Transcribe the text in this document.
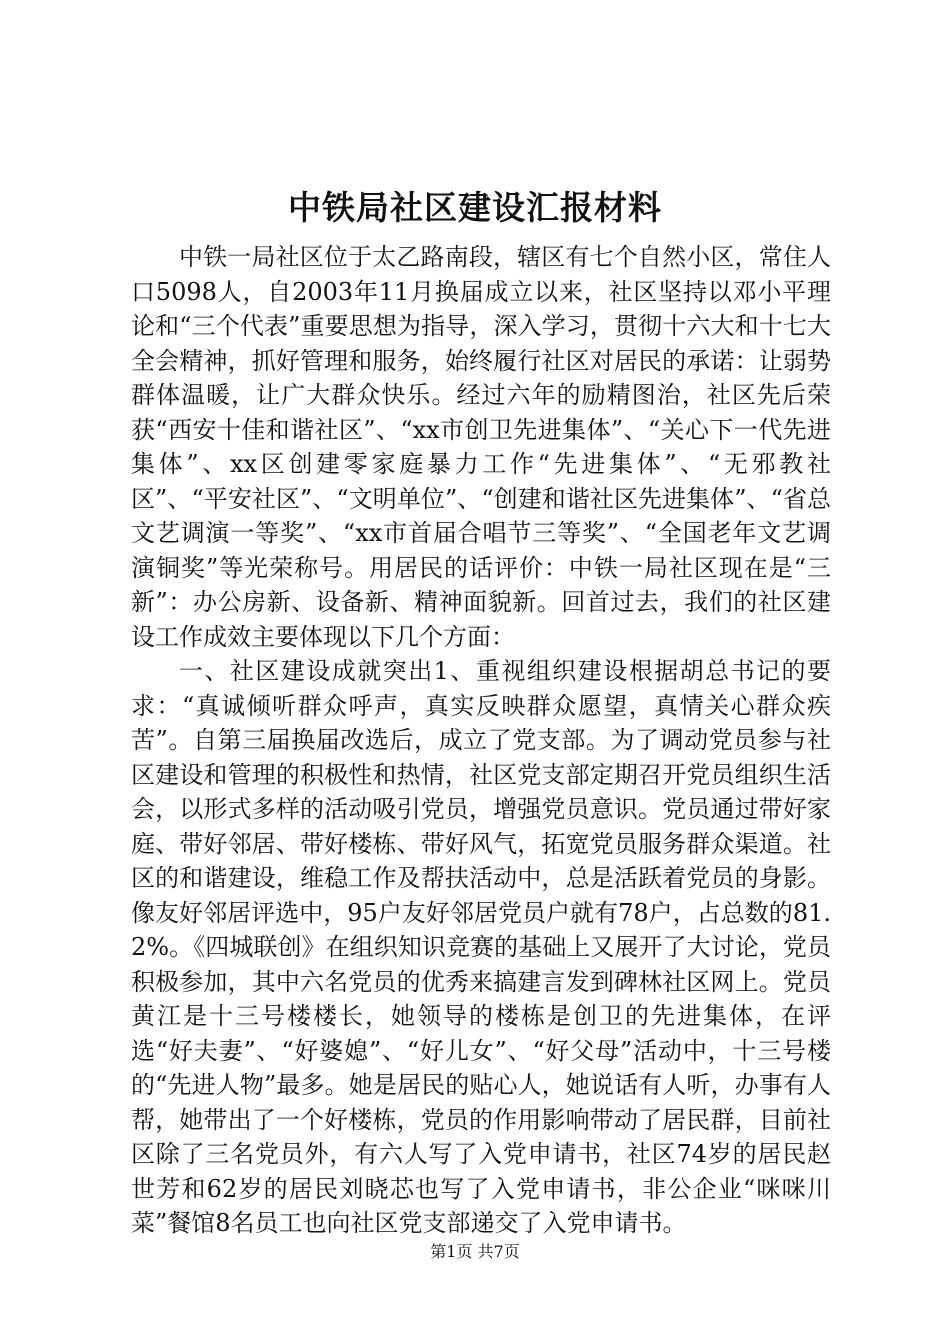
中铁局社区建设汇报材料

中铁一局社区位于太乙路南段，辖区有七个自然小区，常住人口5098人，自2003年11月换届成立以来，社区坚持以邓小平理论和“三个代表”重要思想为指导，深入学习，贯彻十六大和十七大全会精神，抓好管理和服务，始终履行社区对居民的承诺：让弱势群体温暖，让广大群众快乐。经过六年的励精图治，社区先后荣获“西安十佳和谐社区”、“xx市创卫先进集体”、“关心下一代先进集体”、xx区创建零家庭暴力工作“先进集体”、“无邪教社区”、“平安社区”、“文明单位”、“创建和谐社区先进集体”、“省总文艺调演一等奖”、“xx市首届合唱节三等奖”、“全国老年文艺调演铜奖”等光荣称号。用居民的话评价：中铁一局社区现在是“三新”：办公房新、设备新、精神面貌新。回首过去，我们的社区建设工作成效主要体现以下几个方面：

一、社区建设成就突出1、重视组织建设根据胡总书记的要求：“真诚倾听群众呼声，真实反映群众愿望，真情关心群众疾苦”。自第三届换届改选后，成立了党支部。为了调动党员参与社区建设和管理的积极性和热情，社区党支部定期召开党员组织生活会，以形式多样的活动吸引党员，增强党员意识。党员通过带好家庭、带好邻居、带好楼栋、带好风气，拓宽党员服务群众渠道。社区的和谐建设，维稳工作及帮扶活动中，总是活跃着党员的身影。像友好邻居评选中，95户友好邻居党员户就有78户，占总数的81.2%。《四城联创》在组织知识竞赛的基础上又展开了大讨论，党员积极参加，其中六名党员的优秀来搞建言发到碑林社区网上。党员黄江是十三号楼楼长，她领导的楼栋是创卫的先进集体，在评选“好夫妻”、“好婆媳”、“好儿女”、“好父母”活动中，十三号楼的“先进人物”最多。她是居民的贴心人，她说话有人听，办事有人帮，她带出了一个好楼栋，党员的作用影响带动了居民群，目前社区除了三名党员外，有六人写了入党申请书，社区74岁的居民赵世芳和62岁的居民刘晓芯也写了入党申请书，非公企业“咪咪川菜”餐馆8名员工也向社区党支部递交了入党申请书。

第1页 共7页
